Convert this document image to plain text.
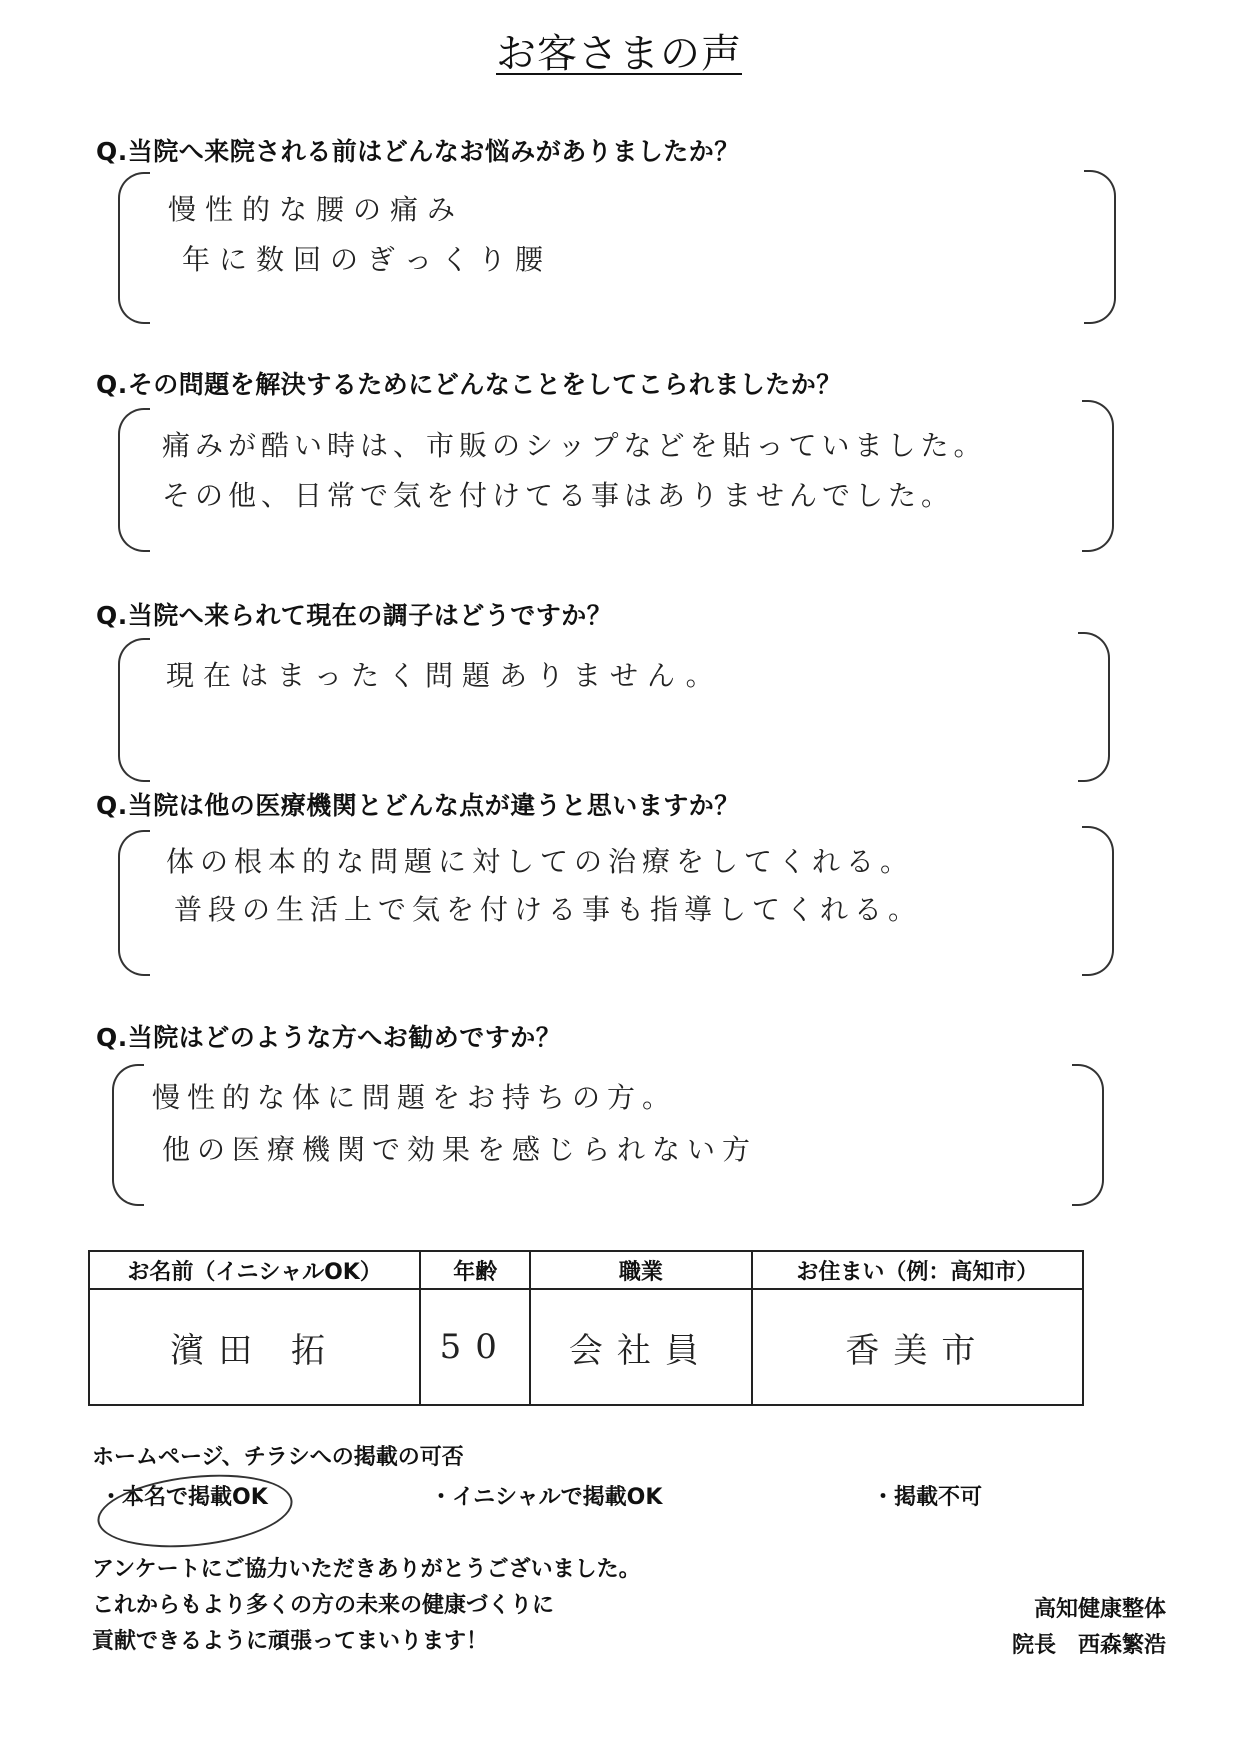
お客さまの声
Q.当院へ来院される前はどんなお悩みがありましたか？
慢性的な腰の痛み
年に数回のぎっくり腰
Q.その問題を解決するためにどんなことをしてこられましたか？
痛みが酷い時は、市販のシップなどを貼っていました。
その他、日常で気を付けてる事はありませんでした。
Q.当院へ来られて現在の調子はどうですか？
現在はまったく問題ありません。
Q.当院は他の医療機関とどんな点が違うと思いますか？
体の根本的な問題に対しての治療をしてくれる。
普段の生活上で気を付ける事も指導してくれる。
Q.当院はどのような方へお勧めですか？
慢性的な体に問題をお持ちの方。
他の医療機関で効果を感じられない方
お名前（イニシャルOK）	年齢	職業	お住まい（例：高知市）
濱田 拓	50	会社員	香美市
ホームページ、チラシへの掲載の可否
・本名で掲載OK	・イニシャルで掲載OK	・掲載不可
アンケートにご協力いただきありがとうございました。
これからもより多くの方の未来の健康づくりに
貢献できるように頑張ってまいります！
高知健康整体
院長　西森繁浩
